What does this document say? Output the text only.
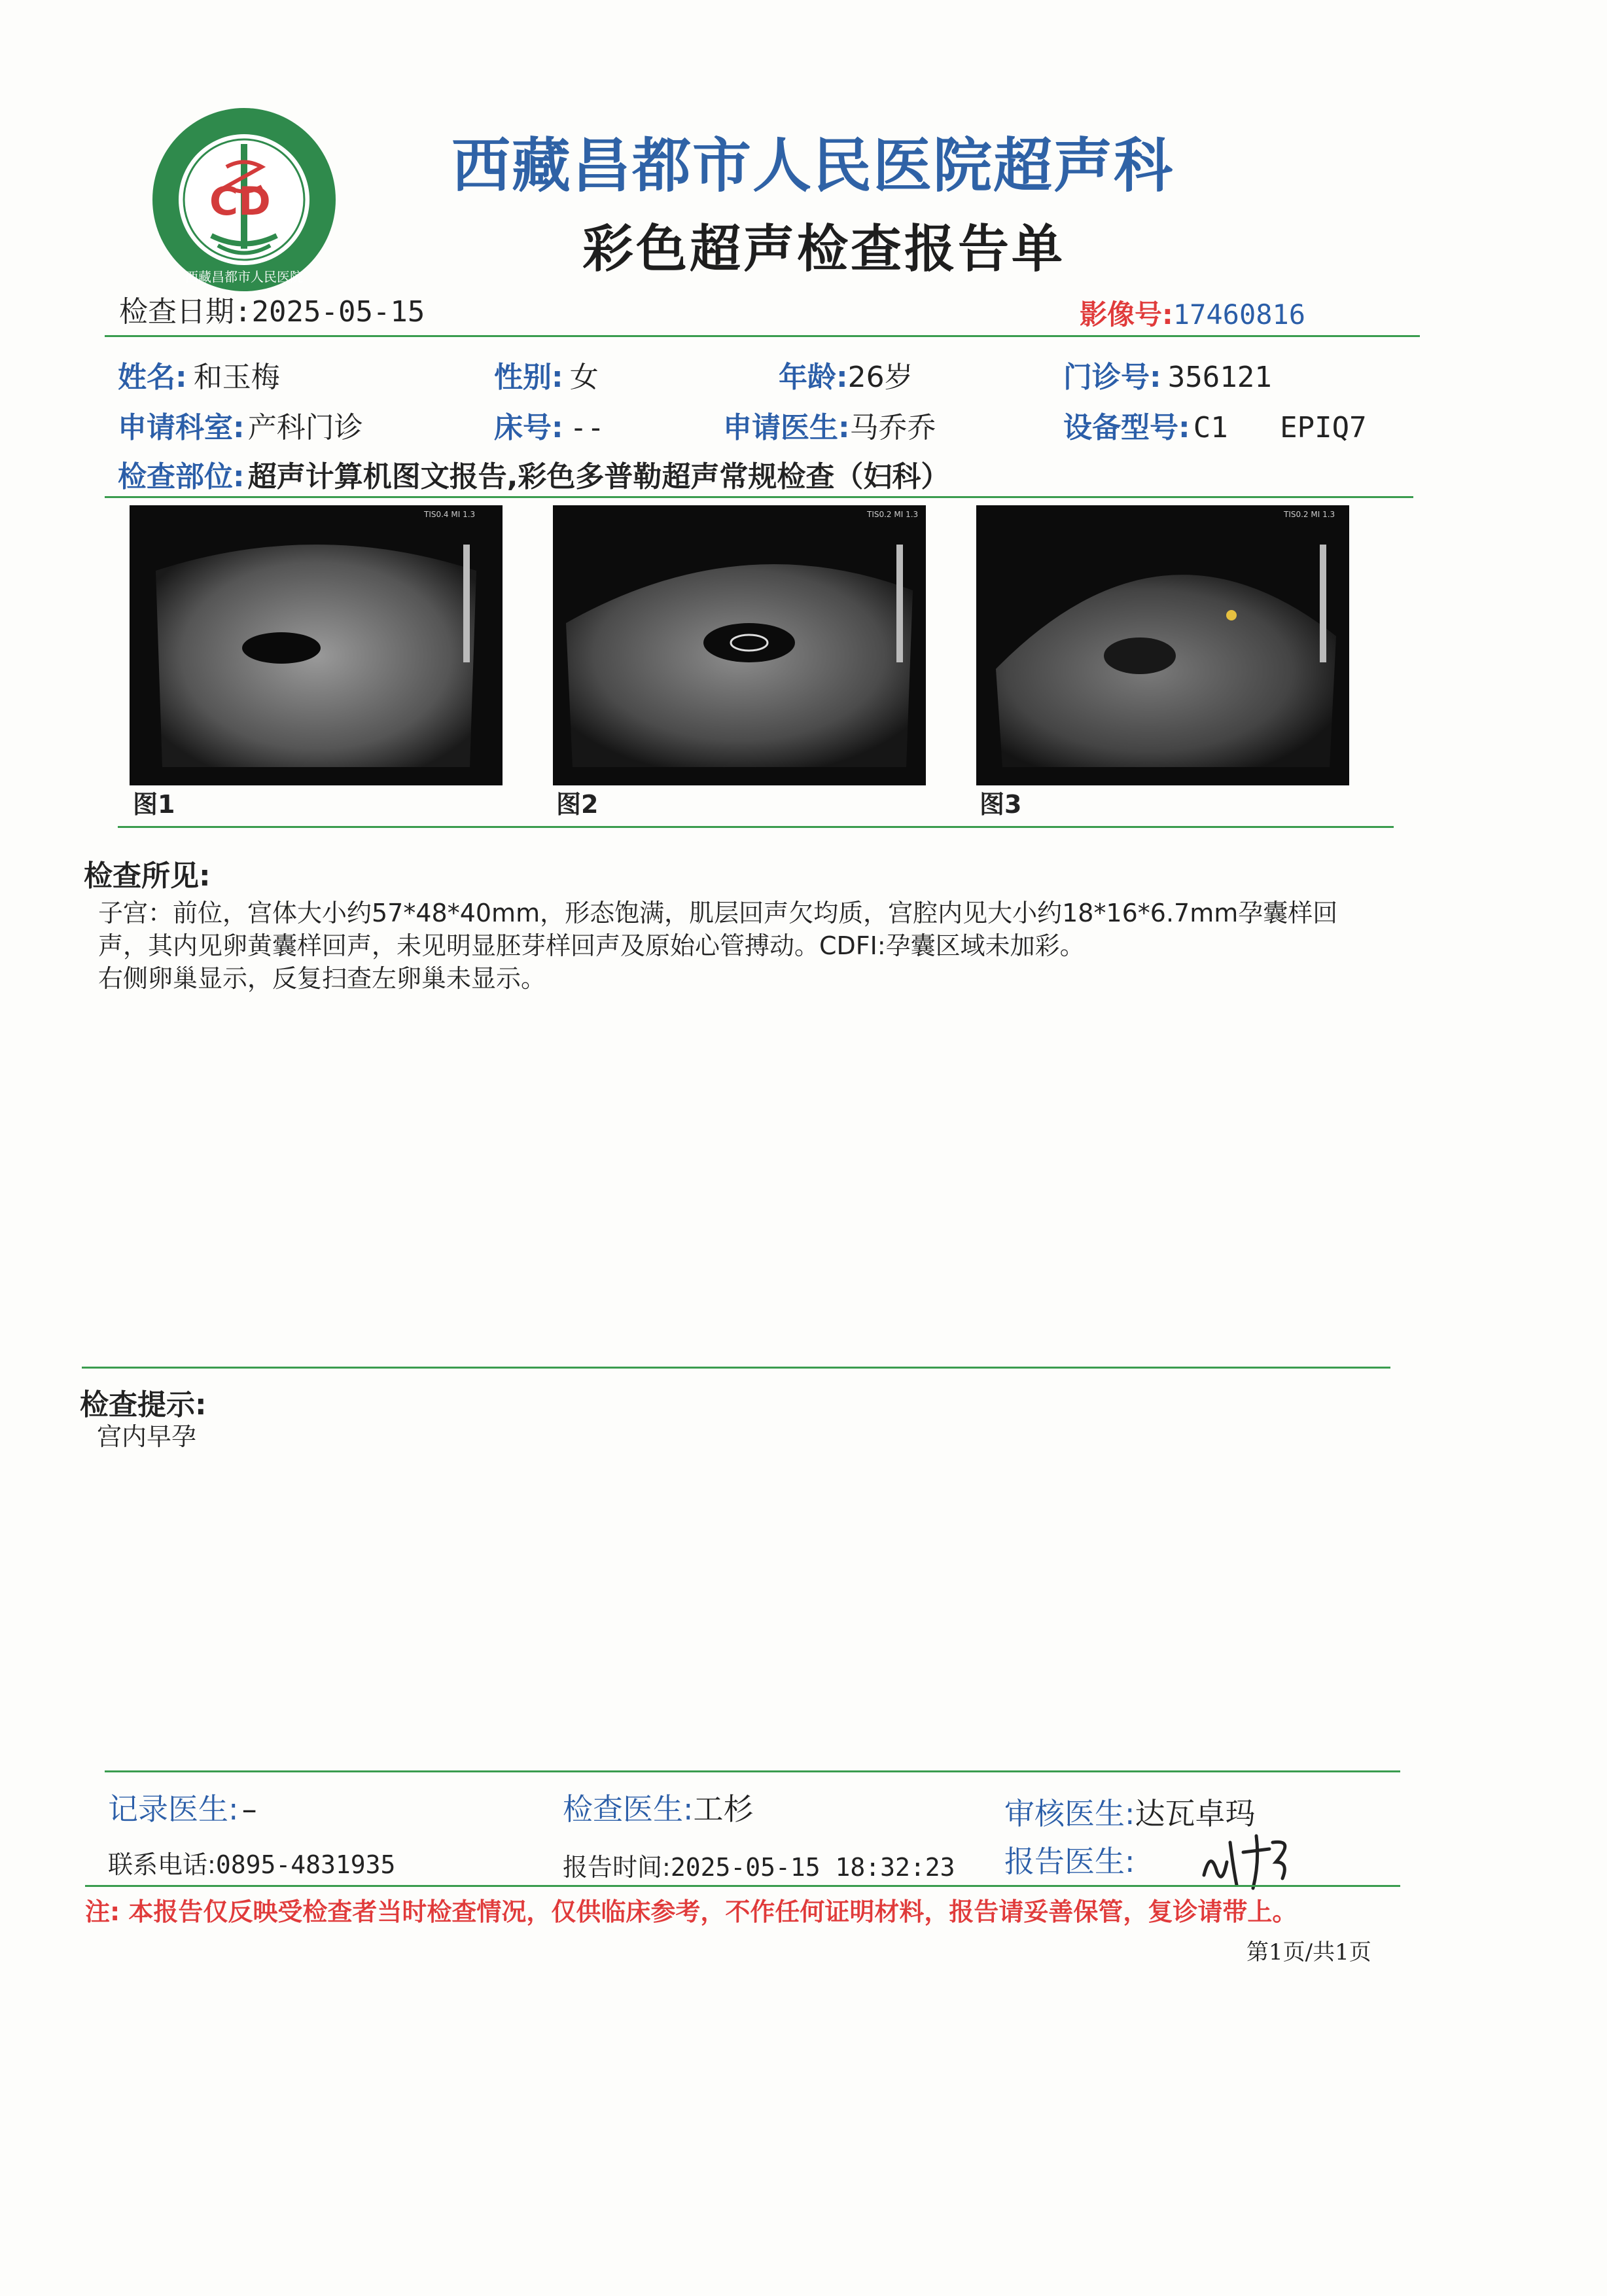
CD
西藏昌都市人民医院
西藏昌都市人民医院超声科
彩色超声检查报告单
检查日期:2025-05-15	影像号:17460816
姓名: 和玉梅	性别: 女	年龄:26岁	门诊号: 356121
申请科室: 产科门诊	床号: --	申请医生:马乔乔	设备型号: C1   EPIQ7
检查部位: 超声计算机图文报告,彩色多普勒超声常规检查（妇科）
TIS0.4 MI 1.3	TIS0.2 MI 1.3	TIS0.2 MI 1.3
图1	图2	图3
检查所见:
子宫：前位，宫体大小约57*48*40mm，形态饱满，肌层回声欠均质，宫腔内见大小约18*16*6.7mm孕囊样回
声，其内见卵黄囊样回声，未见明显胚芽样回声及原始心管搏动。CDFI:孕囊区域未加彩。
右侧卵巢显示，反复扫查左卵巢未显示。
检查提示:
宫内早孕
记录医生: –	检查医生:工杉	审核医生:达瓦卓玛
联系电话:0895-4831935	报告时间:2025-05-15 18:32:23 报告医生:
注: 本报告仅反映受检查者当时检查情况，仅供临床参考，不作任何证明材料，报告请妥善保管，复诊请带上。
第1页/共1页
